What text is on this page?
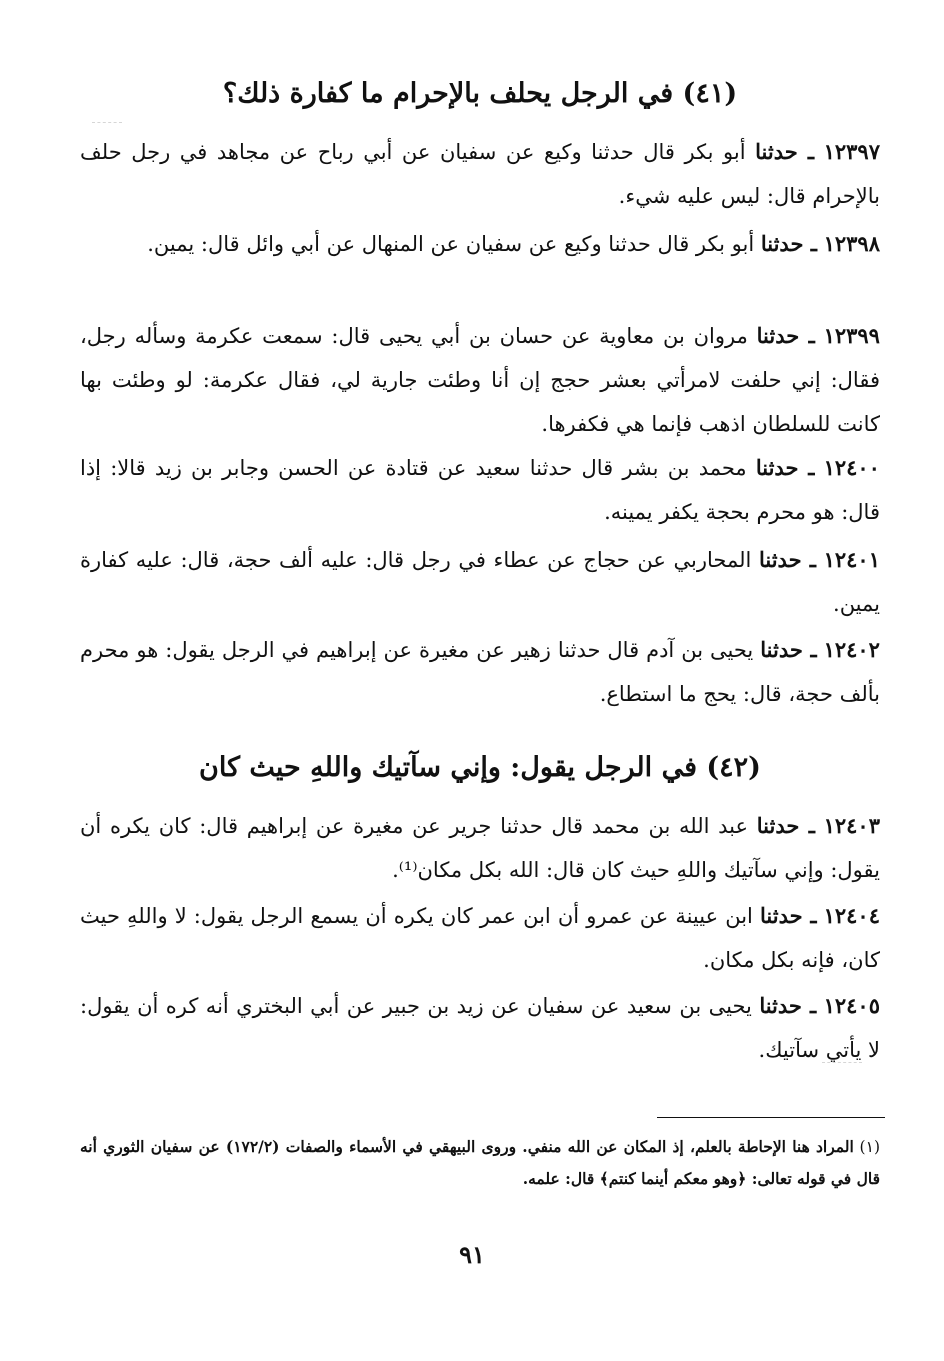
(٤١) في الرجل يحلف بالإحرام ما كفارة ذلك؟

١٢٣٩٧ ـ حدثنا أبو بكر قال حدثنا وكيع عن سفيان عن أبي رباح عن مجاهد في رجل حلف بالإحرام قال: ليس عليه شيء.

١٢٣٩٨ ـ حدثنا أبو بكر قال حدثنا وكيع عن سفيان عن المنهال عن أبي وائل قال: يمين.

١٢٣٩٩ ـ حدثنا مروان بن معاوية عن حسان بن أبي يحيى قال: سمعت عكرمة وسأله رجل، فقال: إني حلفت لامرأتي بعشر حجج إن أنا وطئت جارية لي، فقال عكرمة: لو وطئت بها كانت للسلطان اذهب فإنما هي فكفرها.

١٢٤٠٠ ـ حدثنا محمد بن بشر قال حدثنا سعيد عن قتادة عن الحسن وجابر بن زيد قالا: إذا قال: هو محرم بحجة يكفر يمينه.

١٢٤٠١ ـ حدثنا المحاربي عن حجاج عن عطاء في رجل قال: عليه ألف حجة، قال: عليه كفارة يمين.

١٢٤٠٢ ـ حدثنا يحيى بن آدم قال حدثنا زهير عن مغيرة عن إبراهيم في الرجل يقول: هو محرم بألف حجة، قال: يحج ما استطاع.

(٤٢) في الرجل يقول: وإني سآتيك واللهِ حيث كان

١٢٤٠٣ ـ حدثنا عبد الله بن محمد قال حدثنا جرير عن مغيرة عن إبراهيم قال: كان يكره أن يقول: وإني سآتيك واللهِ حيث كان قال: الله بكل مكان⁽¹⁾.

١٢٤٠٤ ـ حدثنا ابن عيينة عن عمرو أن ابن عمر كان يكره أن يسمع الرجل يقول: لا واللهِ حيث كان، فإنه بكل مكان.

١٢٤٠٥ ـ حدثنا يحيى بن سعيد عن سفيان عن زيد بن جبير عن أبي البختري أنه كره أن يقول: لا يأتي سآتيك.

(١) المراد هنا الإحاطة بالعلم، إذ المكان عن الله منفي. وروى البيهقي في الأسماء والصفات (١٧٢/٢) عن سفيان الثوري أنه قال في قوله تعالى: ﴿وهو معكم أينما كنتم﴾ قال: علمه.

٩١
